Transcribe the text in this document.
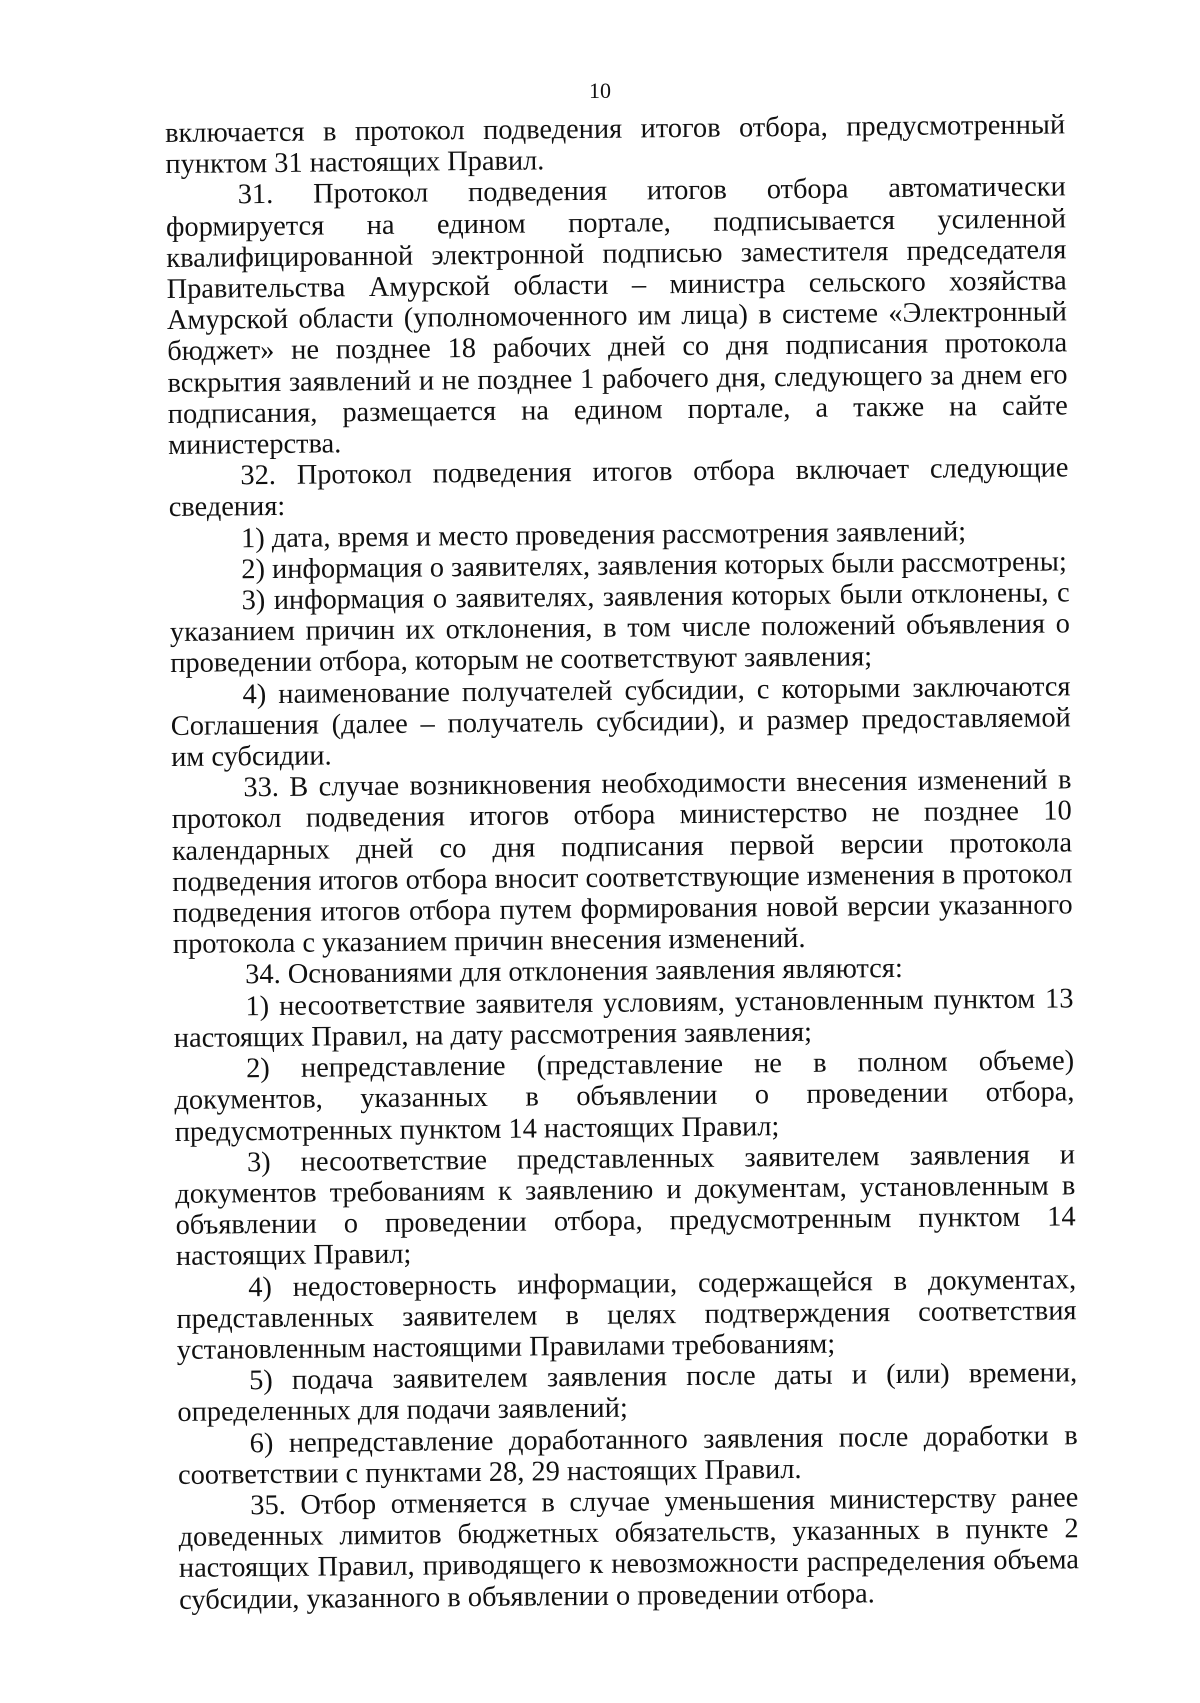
10

включается в протокол подведения итогов отбора, предусмотренный пунктом 31 настоящих Правил.

31. Протокол подведения итогов отбора автоматически формируется на едином портале, подписывается усиленной квалифицированной электронной подписью заместителя председателя Правительства Амурской области – министра сельского хозяйства Амурской области (уполномоченного им лица) в системе «Электронный бюджет» не позднее 18 рабочих дней со дня подписания протокола вскрытия заявлений и не позднее 1 рабочего дня, следующего за днем его подписания, размещается на едином портале, а также на сайте министерства.

32. Протокол подведения итогов отбора включает следующие сведения:

1) дата, время и место проведения рассмотрения заявлений;

2) информация о заявителях, заявления которых были рассмотрены;

3) информация о заявителях, заявления которых были отклонены, с указанием причин их отклонения, в том числе положений объявления о проведении отбора, которым не соответствуют заявления;

4) наименование получателей субсидии, с которыми заключаются Соглашения (далее – получатель субсидии), и размер предоставляемой им субсидии.

33. В случае возникновения необходимости внесения изменений в протокол подведения итогов отбора министерство не позднее 10 календарных дней со дня подписания первой версии протокола подведения итогов отбора вносит соответствующие изменения в протокол подведения итогов отбора путем формирования новой версии указанного протокола с указанием причин внесения изменений.

34. Основаниями для отклонения заявления являются:

1) несоответствие заявителя условиям, установленным пунктом 13 настоящих Правил, на дату рассмотрения заявления;

2) непредставление (представление не в полном объеме) документов, указанных в объявлении о проведении отбора, предусмотренных пунктом 14 настоящих Правил;

3) несоответствие представленных заявителем заявления и документов требованиям к заявлению и документам, установленным в объявлении о проведении отбора, предусмотренным пунктом 14 настоящих Правил;

4) недостоверность информации, содержащейся в документах, представленных заявителем в целях подтверждения соответствия установленным настоящими Правилами требованиям;

5) подача заявителем заявления после даты и (или) времени, определенных для подачи заявлений;

6) непредставление доработанного заявления после доработки в соответствии с пунктами 28, 29 настоящих Правил.

35. Отбор отменяется в случае уменьшения министерству ранее доведенных лимитов бюджетных обязательств, указанных в пункте 2 настоящих Правил, приводящего к невозможности распределения объема субсидии, указанного в объявлении о проведении отбора.
